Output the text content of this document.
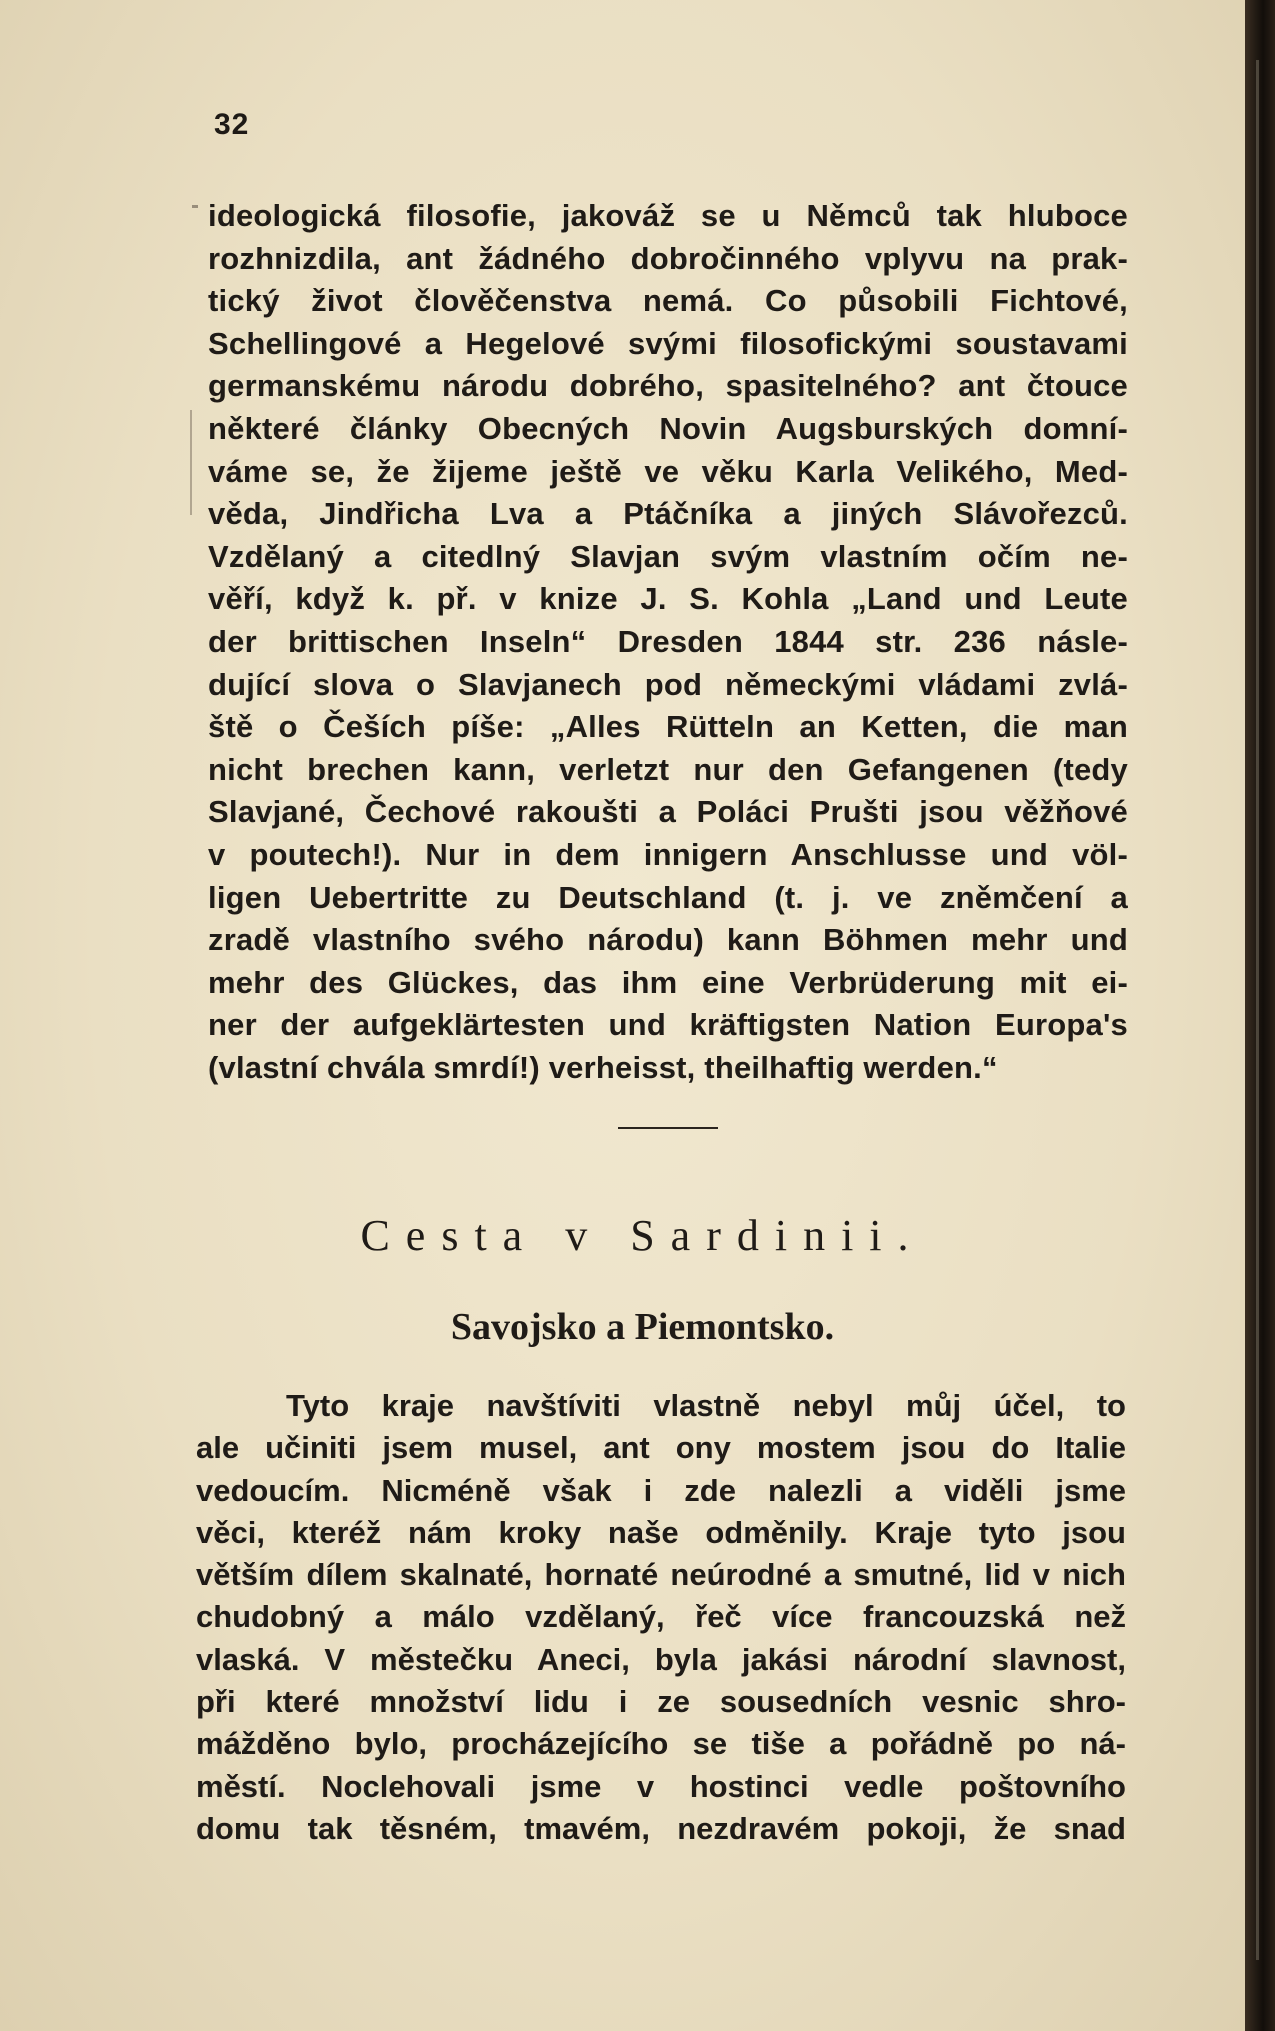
32
ideologická filosofie, jakováž se u Němců tak hluboce
rozhnizdila, ant žádného dobročinného vplyvu na prak-
tický život člověčenstva nemá. Co působili Fichtové,
Schellingové a Hegelové svými filosofickými soustavami
germanskému národu dobrého, spasitelného? ant čtouce
některé články Obecných Novin Augsburských domní-
váme se, že žijeme ještě ve věku Karla Velikého, Med-
věda, Jindřicha Lva a Ptáčníka a jiných Slávořezců.
Vzdělaný a citedlný Slavjan svým vlastním očím ne-
věří, když k. př. v knize J. S. Kohla „Land und Leute
der brittischen Inseln“ Dresden 1844 str. 236 násle-
dující slova o Slavjanech pod německými vládami zvlá-
ště o Češích píše: „Alles Rütteln an Ketten, die man
nicht brechen kann, verletzt nur den Gefangenen (tedy
Slavjané, Čechové rakoušti a Poláci Prušti jsou věžňové
v poutech!). Nur in dem innigern Anschlusse und völ-
ligen Uebertritte zu Deutschland (t. j. ve zněmčení a
zradě vlastního svého národu) kann Böhmen mehr und
mehr des Glückes, das ihm eine Verbrüderung mit ei-
ner der aufgeklärtesten und kräftigsten Nation Europa's
(vlastní chvála smrdí!) verheisst, theilhaftig werden.“
Cesta v Sardinii.
Savojsko a Piemontsko.
Tyto kraje navštíviti vlastně nebyl můj účel, to
ale učiniti jsem musel, ant ony mostem jsou do Italie
vedoucím. Nicméně však i zde nalezli a viděli jsme
věci, kteréž nám kroky naše odměnily. Kraje tyto jsou
větším dílem skalnaté, hornaté neúrodné a smutné, lid v nich
chudobný a málo vzdělaný, řeč více francouzská než
vlaská. V městečku Aneci, byla jakási národní slavnost,
při které množství lidu i ze sousedních vesnic shro-
mážděno bylo, procházejícího se tiše a pořádně po ná-
městí. Noclehovali jsme v hostinci vedle poštovního
domu tak těsném, tmavém, nezdravém pokoji, že snad
